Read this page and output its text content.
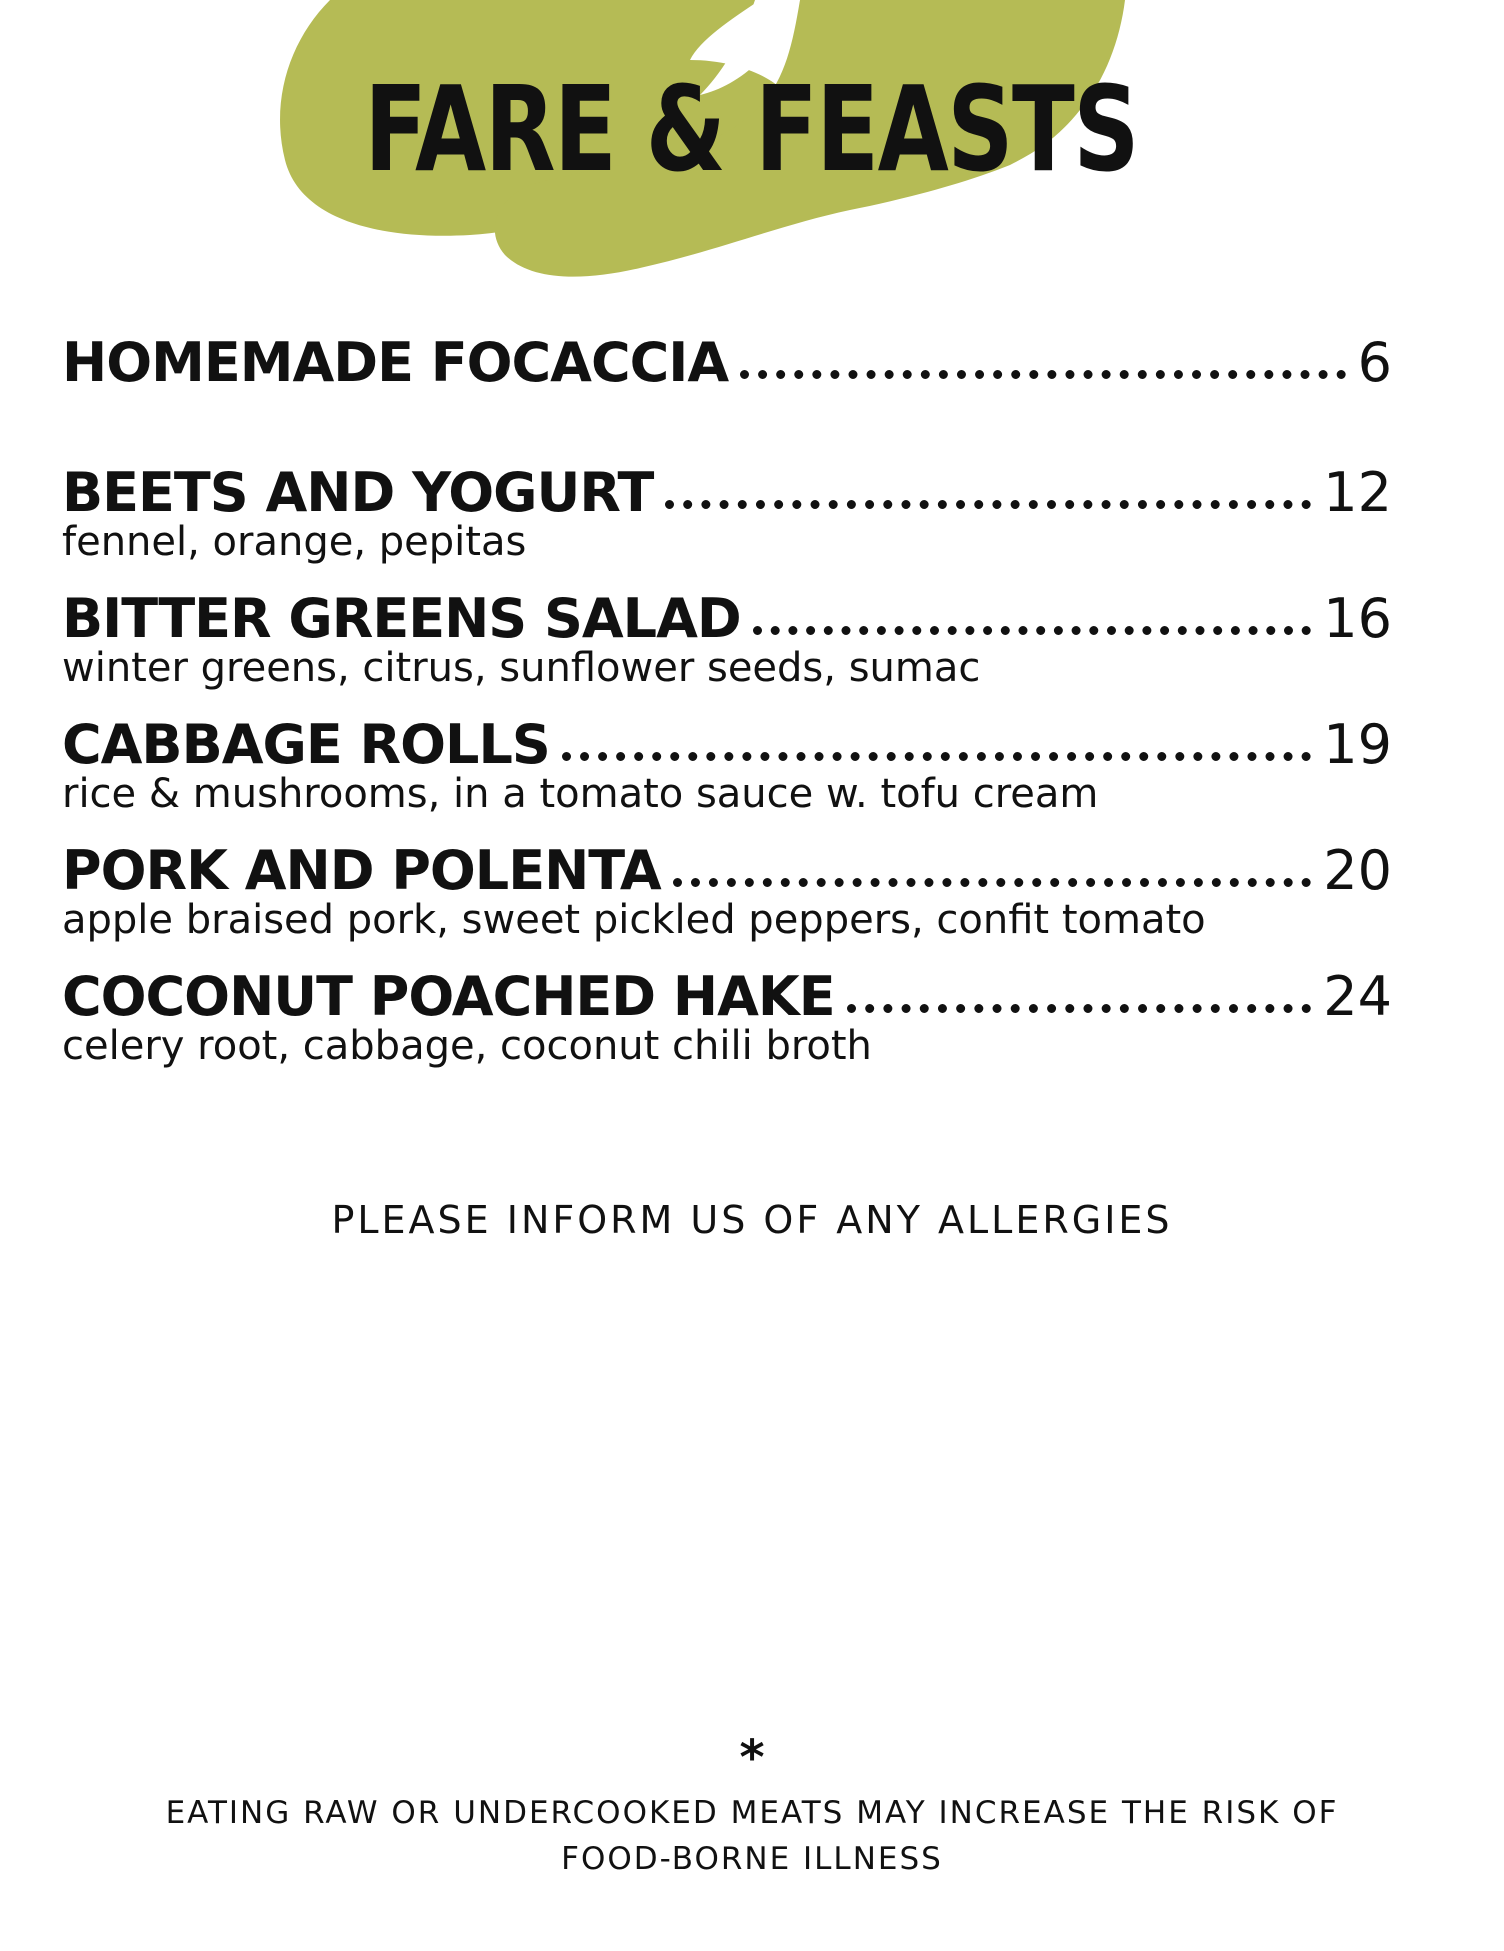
FARE & FEASTS
HOMEMADE FOCACCIA	6
BEETS AND YOGURT	12
fennel, orange, pepitas
BITTER GREENS SALAD	16
winter greens, citrus, sunflower seeds, sumac
CABBAGE ROLLS	19
rice & mushrooms, in a tomato sauce w. tofu cream
PORK AND POLENTA	20
apple braised pork, sweet pickled peppers, confit tomato
COCONUT POACHED HAKE	24
celery root, cabbage, coconut chili broth
PLEASE INFORM US OF ANY ALLERGIES
*
EATING RAW OR UNDERCOOKED MEATS MAY INCREASE THE RISK OF
FOOD-BORNE ILLNESS
